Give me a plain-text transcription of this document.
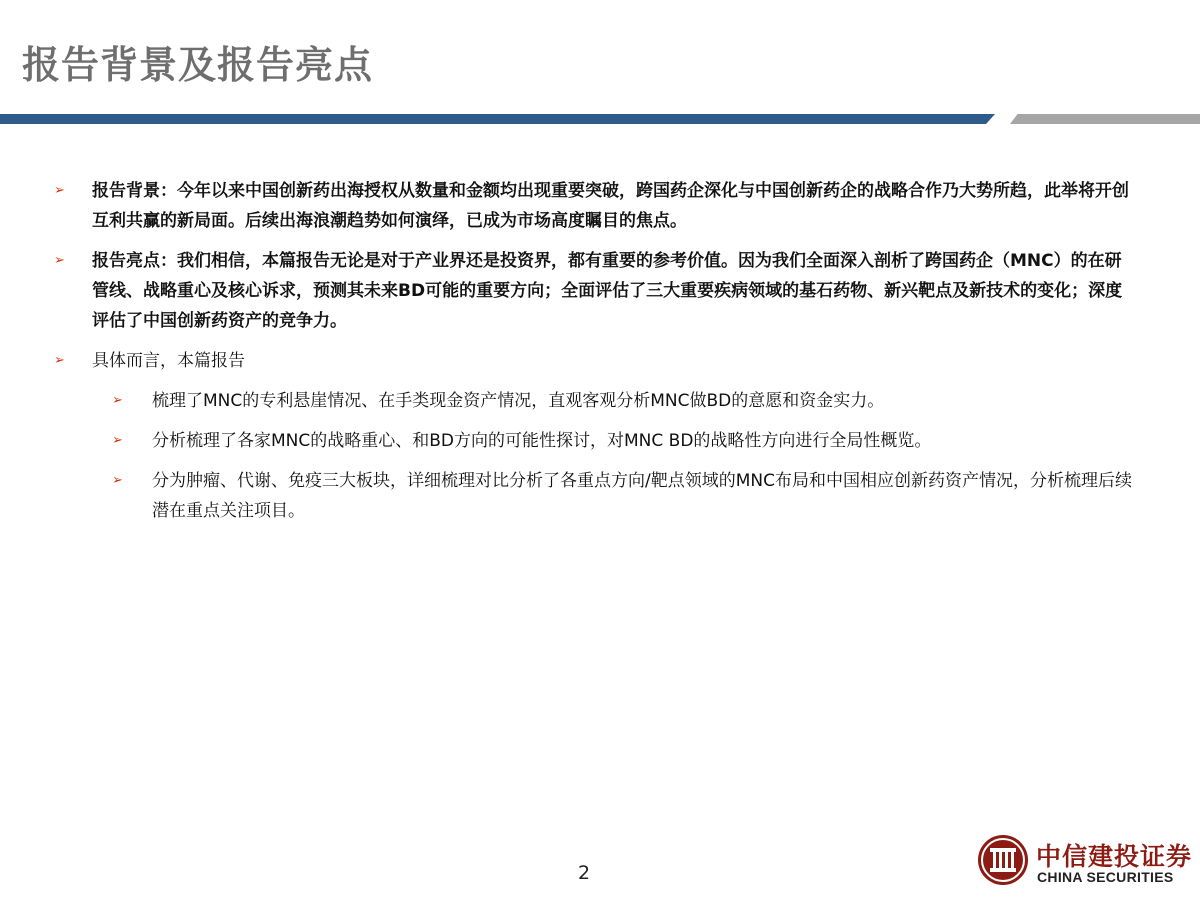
报告背景及报告亮点
➢ 报告背景：今年以来中国创新药出海授权从数量和金额均出现重要突破，跨国药企深化与中国创新药企的战略合作乃大势所趋，此举将开创互利共赢的新局面。后续出海浪潮趋势如何演绎，已成为市场高度瞩目的焦点。
➢ 报告亮点：我们相信，本篇报告无论是对于产业界还是投资界，都有重要的参考价值。因为我们全面深入剖析了跨国药企（MNC）的在研管线、战略重心及核心诉求，预测其未来BD可能的重要方向；全面评估了三大重要疾病领域的基石药物、新兴靶点及新技术的变化；深度评估了中国创新药资产的竞争力。
➢ 具体而言，本篇报告
➢ 梳理了MNC的专利悬崖情况、在手类现金资产情况，直观客观分析MNC做BD的意愿和资金实力。
➢ 分析梳理了各家MNC的战略重心、和BD方向的可能性探讨，对MNC BD的战略性方向进行全局性概览。
➢ 分为肿瘤、代谢、免疫三大板块，详细梳理对比分析了各重点方向/靶点领域的MNC布局和中国相应创新药资产情况，分析梳理后续潜在重点关注项目。
2
中信建投证券
CHINA SECURITIES
